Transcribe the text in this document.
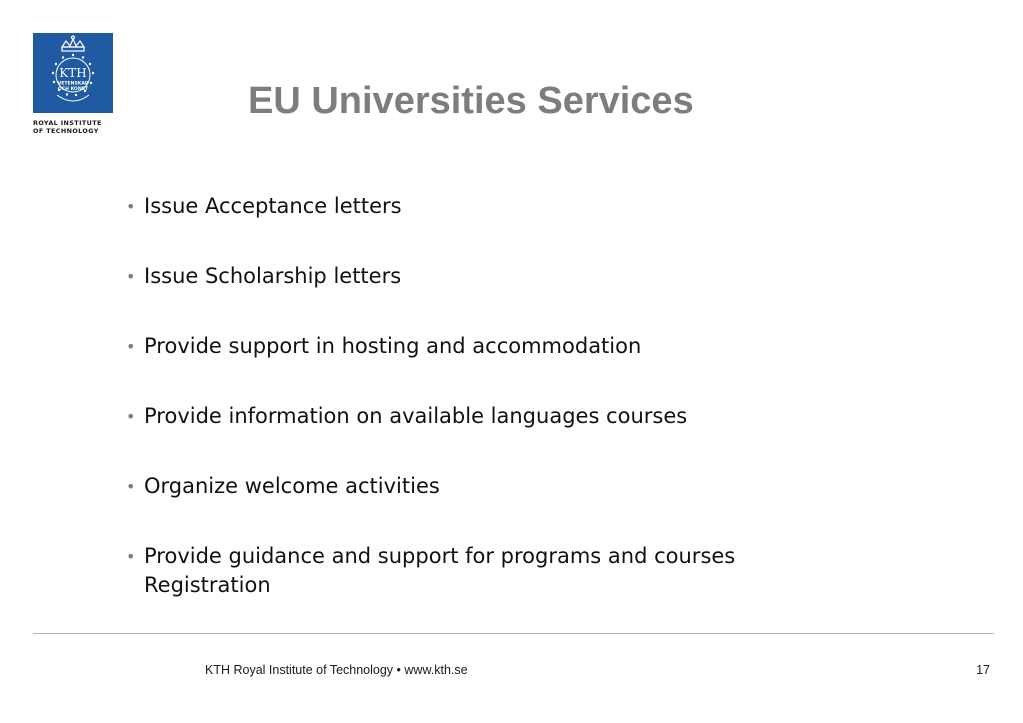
KTH
VETENSKAP
OCH KONST
ROYAL INSTITUTE
OF TECHNOLOGY
EU Universities Services
• Issue Acceptance letters
• Issue Scholarship letters
• Provide support in hosting and accommodation
• Provide information on available languages courses
• Organize welcome activities
• Provide guidance and support for programs and courses Registration
KTH Royal Institute of Technology • www.kth.se	17
